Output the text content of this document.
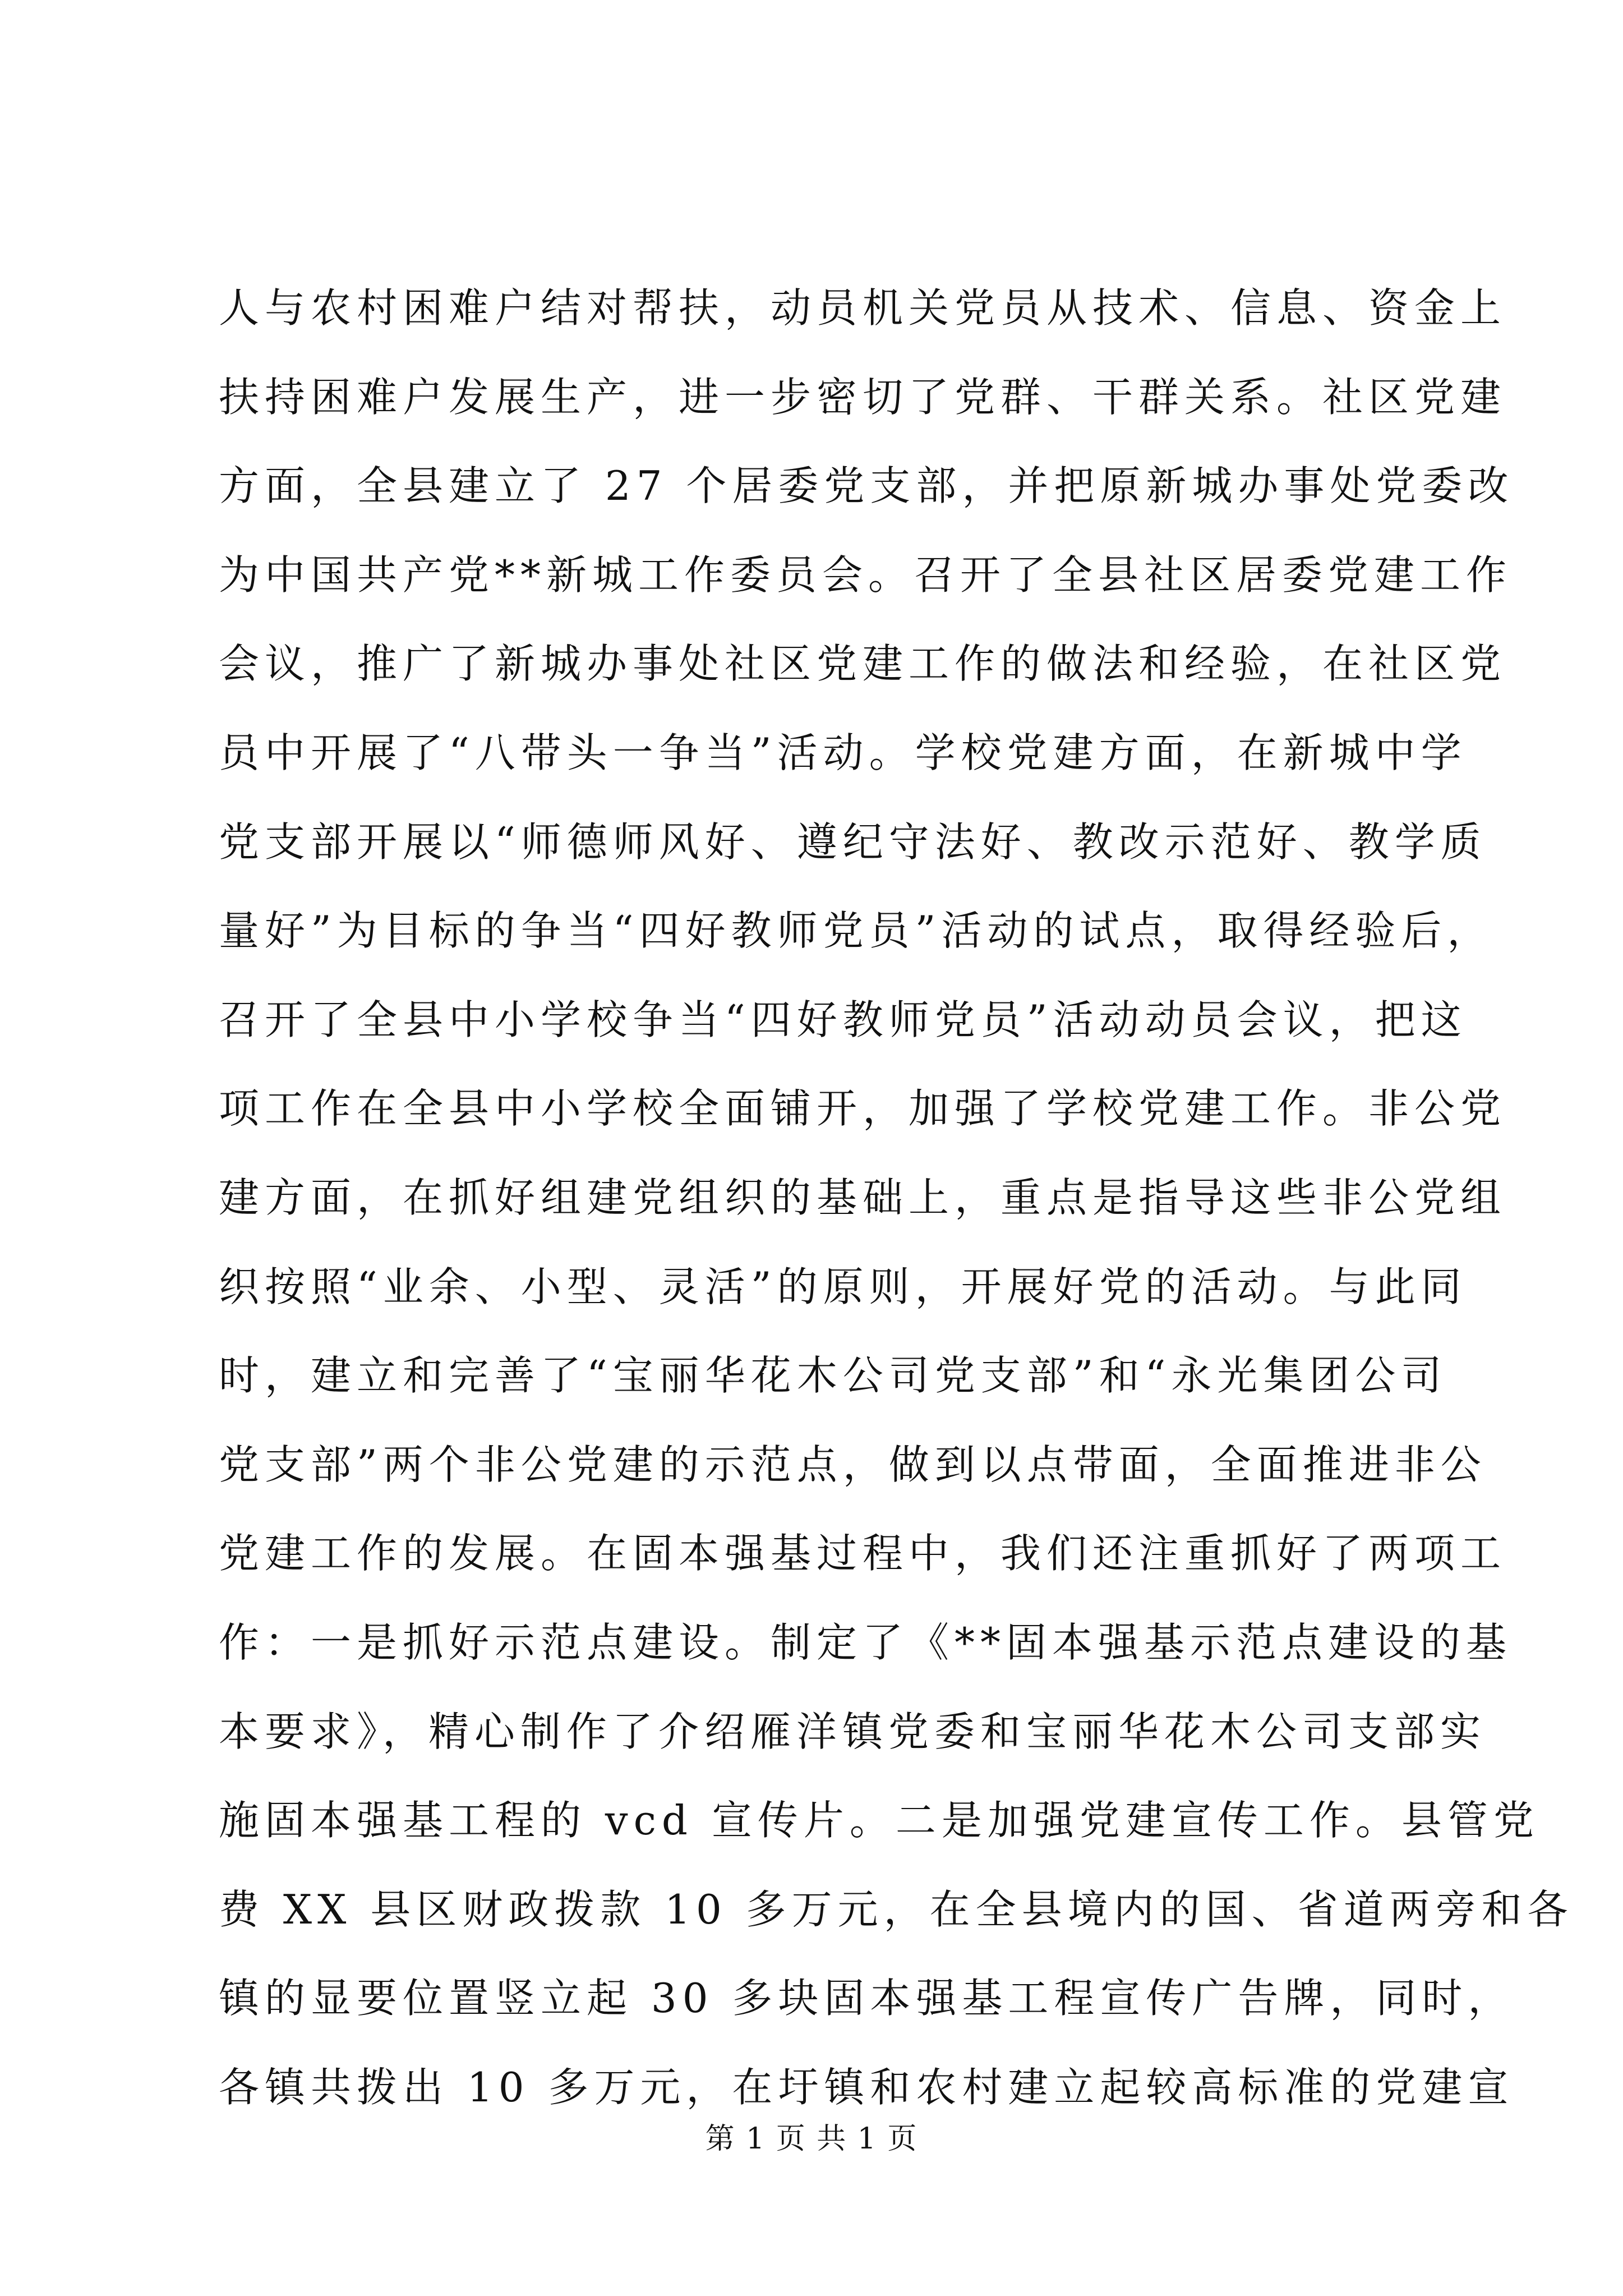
人与农村困难户结对帮扶，动员机关党员从技术、信息、资金上
扶持困难户发展生产，进一步密切了党群、干群关系。社区党建
方面，全县建立了 27 个居委党支部，并把原新城办事处党委改
为中国共产党**新城工作委员会。召开了全县社区居委党建工作
会议，推广了新城办事处社区党建工作的做法和经验，在社区党
员中开展了“八带头一争当”活动。学校党建方面，在新城中学
党支部开展以“师德师风好、遵纪守法好、教改示范好、教学质
量好”为目标的争当“四好教师党员”活动的试点，取得经验后，
召开了全县中小学校争当“四好教师党员”活动动员会议，把这
项工作在全县中小学校全面铺开，加强了学校党建工作。非公党
建方面，在抓好组建党组织的基础上，重点是指导这些非公党组
织按照“业余、小型、灵活”的原则，开展好党的活动。与此同
时，建立和完善了“宝丽华花木公司党支部”和“永光集团公司
党支部”两个非公党建的示范点，做到以点带面，全面推进非公
党建工作的发展。在固本强基过程中，我们还注重抓好了两项工
作：一是抓好示范点建设。制定了《**固本强基示范点建设的基
本要求》，精心制作了介绍雁洋镇党委和宝丽华花木公司支部实
施固本强基工程的 vcd 宣传片。二是加强党建宣传工作。县管党
费 XX 县区财政拨款 10 多万元，在全县境内的国、省道两旁和各
镇的显要位置竖立起 30 多块固本强基工程宣传广告牌，同时，
各镇共拨出 10 多万元，在圩镇和农村建立起较高标准的党建宣
第 1 页 共 1 页
